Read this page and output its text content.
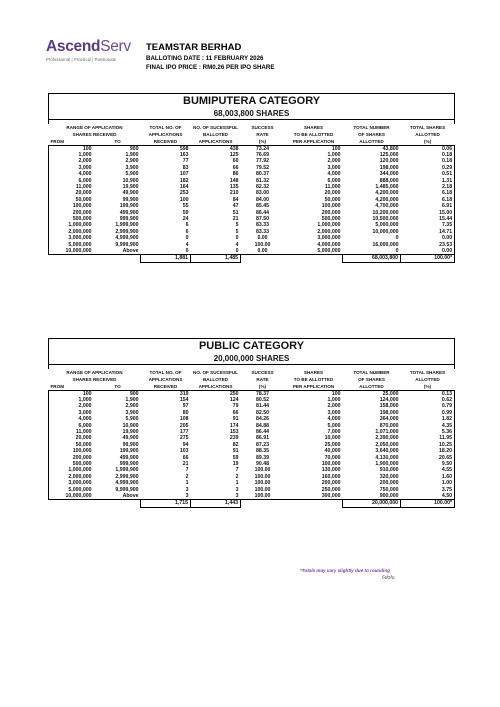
AscendServ
Professional | Practical | Passionate
TEAMSTAR BERHAD
BALLOTING DATE : 11 FEBRUARY 2026
FINAL IPO PRICE : RM0.26 PER IPO SHARE
BUMIPUTERA CATEGORY							
68,003,800 SHARES							

RANGE OF APPLICATION		TOTAL NO. OF	NO. OF SUCESSFUL	SUCCESS	SHARES	TOTAL NUMBER	TOTAL SHARES
SHARES RECEIVED		APPLICATIONS	BALLOTED	RATE	TO BE ALLOTTED	OF SHARES	ALLOTTED
FROM	TO	RECEIVED	APPLICATIONS	(%)	PER APPLICATION	ALLOTTED	(%)
100	900	598	438	73.24	100	43,800	0.06
1,000	1,900	163	125	76.69	1,000	125,000	0.18
2,000	2,900	77	60	77.92	2,000	120,000	0.18
3,000	3,900	83	66	79.52	3,000	198,000	0.29
4,000	5,900	107	86	80.37	4,000	344,000	0.51
6,000	10,900	182	148	81.32	6,000	888,000	1.31
11,000	19,900	164	135	82.32	11,000	1,485,000	2.18
20,000	49,900	253	210	83.00	20,000	4,200,000	6.18
50,000	99,900	100	84	84.00	50,000	4,200,000	6.18
100,000	199,900	55	47	85.45	100,000	4,700,000	6.91
200,000	499,900	59	51	86.44	200,000	10,200,000	15.00
500,000	999,900	24	21	87.50	500,000	10,500,000	15.44
1,000,000	1,999,900	6	5	83.33	1,000,000	5,000,000	7.35
2,000,000	2,999,900	6	5	83.33	2,000,000	10,000,000	14.71
3,000,000	4,999,900	0	0	0.00	3,000,000	0	0.00
5,000,000	9,999,900	4	4	100.00	4,000,000	16,000,000	23.53
10,000,000	Above	0	0	0.00	5,000,000	0	0.00
		1,881	1,485			68,003,800	100.00*
PUBLIC CATEGORY							
20,000,000 SHARES							

RANGE OF APPLICATION		TOTAL NO. OF	NO. OF SUCESSFUL	SUCCESS	SHARES	TOTAL NUMBER	TOTAL SHARES
SHARES RECEIVED		APPLICATIONS	BALLOTED	RATE	TO BE ALLOTTED	OF SHARES	ALLOTTED
FROM	TO	RECEIVED	APPLICATIONS	(%)	PER APPLICATION	ALLOTTED	(%)
100	900	319	250	78.37	100	25,000	0.13
1,000	1,900	154	124	80.52	1,000	124,000	0.62
2,000	2,900	97	79	81.44	2,000	158,000	0.79
3,000	3,900	80	66	82.50	3,000	198,000	0.99
4,000	5,900	108	91	84.26	4,000	364,000	1.82
6,000	10,900	205	174	84.88	5,000	870,000	4.35
11,000	19,900	177	153	86.44	7,000	1,071,000	5.36
20,000	49,900	275	239	86.91	10,000	2,390,000	11.95
50,000	99,900	94	82	87.23	25,000	2,050,000	10.25
100,000	199,900	103	91	88.35	40,000	3,640,000	18.20
200,000	499,900	66	59	89.39	70,000	4,130,000	20.65
500,000	999,900	21	19	90.48	100,000	1,900,000	9.50
1,000,000	1,999,900	7	7	100.00	130,000	910,000	4.55
2,000,000	2,999,900	2	2	100.00	160,000	320,000	1.60
3,000,000	4,999,900	1	1	100.00	200,000	200,000	1.00
5,000,000	9,999,900	3	3	100.00	250,000	750,000	3.75
10,000,000	Above	3	3	100.00	300,000	900,000	4.50
		1,715	1,443			20,000,000	100.00*
*Totals may vary slightly due to rounding
6dofu
